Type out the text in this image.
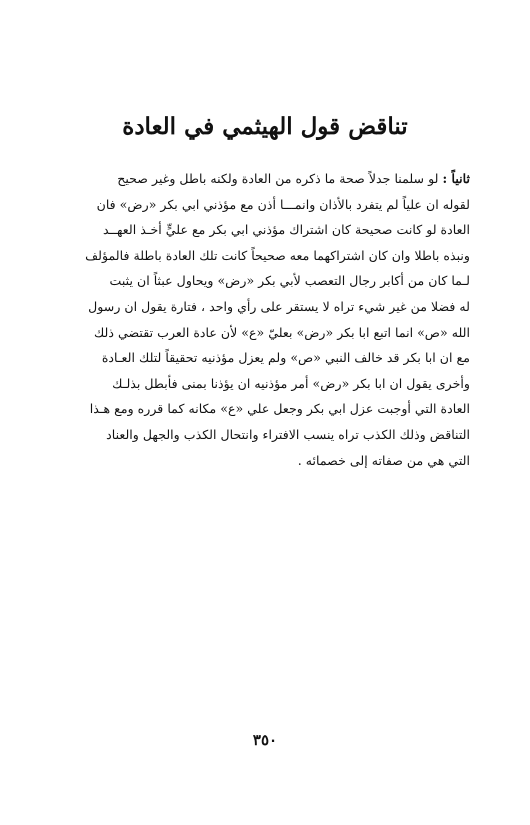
تناقض قول الهيثمي في العادة
ثانياً : لو سلمنا جدلاً صحة ما ذكره من العادة ولكنه باطل وغير صحيح
لقوله ان علياً لم يتفرد بالأذان وانمـــا أذن مع مؤذني ابي بكر «رض» فان
العادة لو كانت صحيحة كان اشتراك مؤذني ابي بكر مع عليٍّ أخـذ العهــد
ونبذه باطلا وان كان اشتراكهما معه صحيحاً كانت تلك العادة باطلة فالمؤلف
لـما كان من أكابر رجال التعصب لأبي بكر «رض» ويحاول عبثاً ان يثبت
له فضلا من غير شيء تراه لا يستقر على رأي واحد ، فتارة يقول ان رسول
الله «ص» انما اتبع ابا بكر «رض» بعليّ «ع» لأن عادة العرب تقتضي ذلك
مع ان ابا بكر قد خالف النبي «ص» ولم يعزل مؤذنيه تحقيقاً لتلك العـادة
وأخرى يقول ان ابا بكر «رض» أمر مؤذنيه ان يؤذنا بمنى فأبطل بذلـك
العادة التي أوجبت عزل ابي بكر وجعل علي «ع» مكانه كما قرره ومع هـذا
التناقض وذلك الكذب تراه ينسب الافتراء وانتحال الكذب والجهل والعناد
التي هي من صفاته إلى خصمائه .
٣٥٠
